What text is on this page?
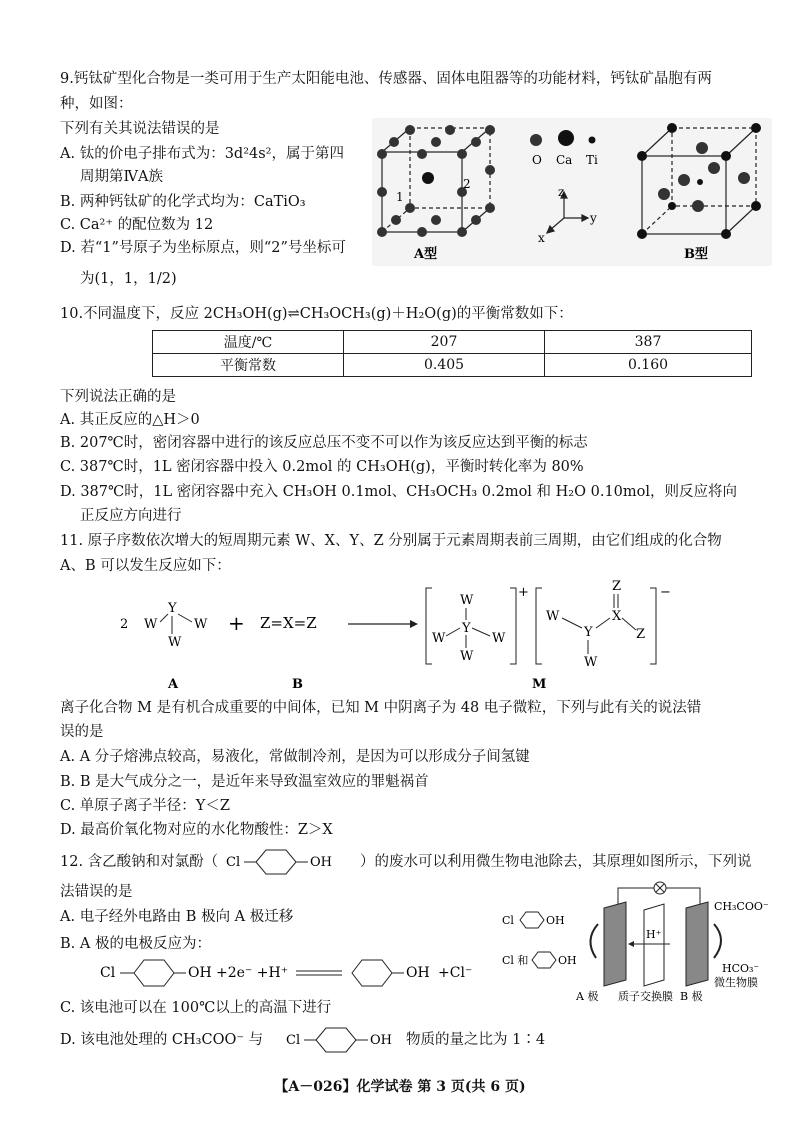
9.钙钛矿型化合物是一类可用于生产太阳能电池、传感器、固体电阻器等的功能材料，钙钛矿晶胞有两
种，如图：
下列有关其说法错误的是
A. 钛的价电子排布式为：3d²4s²，属于第四
周期第ⅣA族
B. 两种钙钛矿的化学式均为：CaTiO₃
C. Ca²⁺ 的配位数为 12
D. 若“1”号原子为坐标原点，则“2”号坐标可
为(1，1，1/2)
1
2
A型
O Ca Ti
z
y
x
B型
10.不同温度下，反应 2CH₃OH(g)⇌CH₃OCH₃(g)＋H₂O(g)的平衡常数如下：
温度/℃	207	387
平衡常数	0.405	0.160
下列说法正确的是
A. 其正反应的△H＞0
B. 207℃时，密闭容器中进行的该反应总压不变不可以作为该反应达到平衡的标志
C. 387℃时，1L 密闭容器中投入 0.2mol 的 CH₃OH(g)，平衡时转化率为 80%
D. 387℃时，1L 密闭容器中充入 CH₃OH 0.1mol、CH₃OCH₃ 0.2mol 和 H₂O 0.10mol，则反应将向
正反应方向进行
11. 原子序数依次增大的短周期元素 W、X、Y、Z 分别属于元素周期表前三周期，由它们组成的化合物
A、B 可以发生反应如下：
2 W
Y
W
W
+ Z=X=Z
+
W
Y
W	W
W
−
W
Y
W
X
Z
Z
A	B	M
离子化合物 M 是有机合成重要的中间体，已知 M 中阴离子为 48 电子微粒，下列与此有关的说法错
误的是
A. A 分子熔沸点较高，易液化，常做制冷剂，是因为可以形成分子间氢键
B. B 是大气成分之一，是近年来导致温室效应的罪魁祸首
C. 单原子离子半径：Y＜Z
D. 最高价氧化物对应的水化物酸性：Z＞X
12. 含乙酸钠和对氯酚（ Cl	OH ）的废水可以利用微生物电池除去，其原理如图所示，下列说
法错误的是
A. 电子经外电路由 B 极向 A 极迁移
B. A 极的电极反应为：
Cl	OH +2e⁻ +H⁺	OH +Cl⁻
C. 该电池可以在 100℃以上的高温下进行
D. 该电池处理的 CH₃COO⁻ 与 Cl	OH 物质的量之比为 1∶4
H⁺
Cl	OH
Cl 和	OH
CH₃COO⁻
HCO₃⁻
微生物膜
A 极 质子交换膜 B 极
【A－026】化学试卷 第 3 页(共 6 页)
